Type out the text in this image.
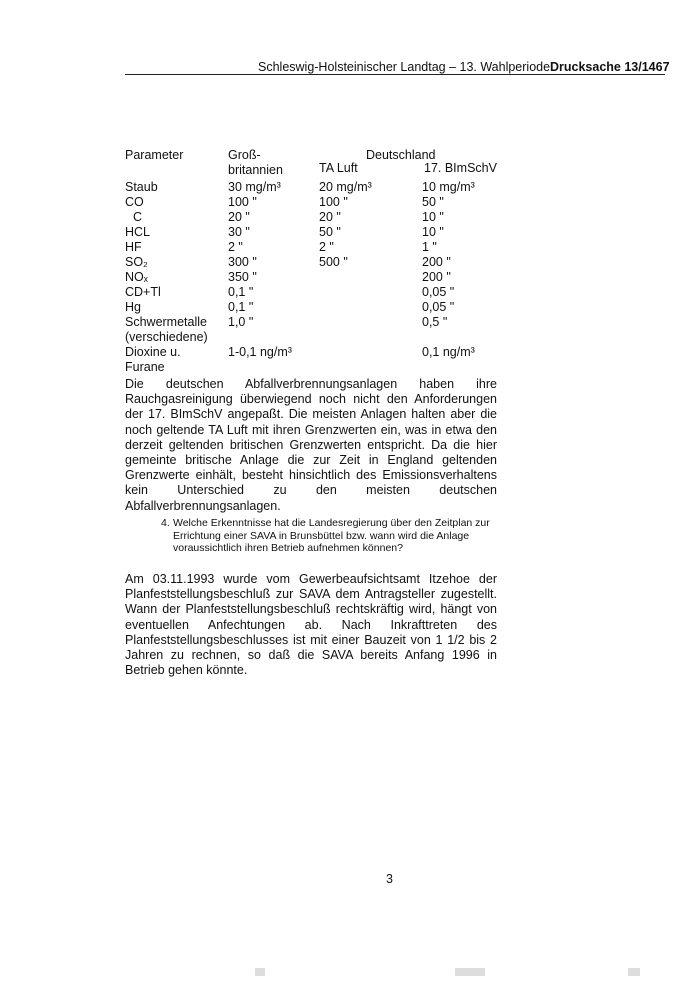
Schleswig-Holsteinischer Landtag – 13. Wahlperiode Drucksache 13/1467
Parameter	Groß-
britannien
Deutschland
TA Luft	17. BImSchV
Staub	30 mg/m³	20 mg/m³	10 mg/m³
CO	100 "	100 "	50 "
C	20 "	20 "	10 "
HCL	30 "	50 "	10 "
HF	2 "	2 "	1 "
SO₂	300 "	500 "	200 "
NOₓ	350 "	200 "
CD+Tl	0,1 "	0,05 "
Hg	0,1 "	0,05 "
Schwermetalle
(verschiedene)
1,0 "	0,5 "
Dioxine u.
Furane
1-0,1 ng/m³	0,1 ng/m³
Die deutschen Abfallverbrennungsanlagen haben ihre Rauchgasreinigung überwiegend noch nicht den Anforderungen der 17. BImSchV angepaßt. Die meisten Anlagen halten aber die noch geltende TA Luft mit ihren Grenzwerten ein, was in etwa den derzeit geltenden britischen Grenzwerten entspricht. Da die hier gemeinte britische Anlage die zur Zeit in England geltenden Grenzwerte einhält, besteht hinsichtlich des Emissionsverhaltens kein Unterschied zu den meisten deutschen Abfallverbrennungsanlagen.
4. Welche Erkenntnisse hat die Landesregierung über den Zeitplan zur Errichtung einer SAVA in Brunsbüttel bzw. wann wird die Anlage voraussichtlich ihren Betrieb aufnehmen können?
Am 03.11.1993 wurde vom Gewerbeaufsichtsamt Itzehoe der Planfeststellungsbeschluß zur SAVA dem Antragsteller zugestellt. Wann der Planfeststellungsbeschluß rechtskräftig wird, hängt von eventuellen Anfechtungen ab. Nach Inkrafttreten des Planfeststellungsbeschlusses ist mit einer Bauzeit von 1 1/2 bis 2 Jahren zu rechnen, so daß die SAVA bereits Anfang 1996 in Betrieb gehen könnte.
3
